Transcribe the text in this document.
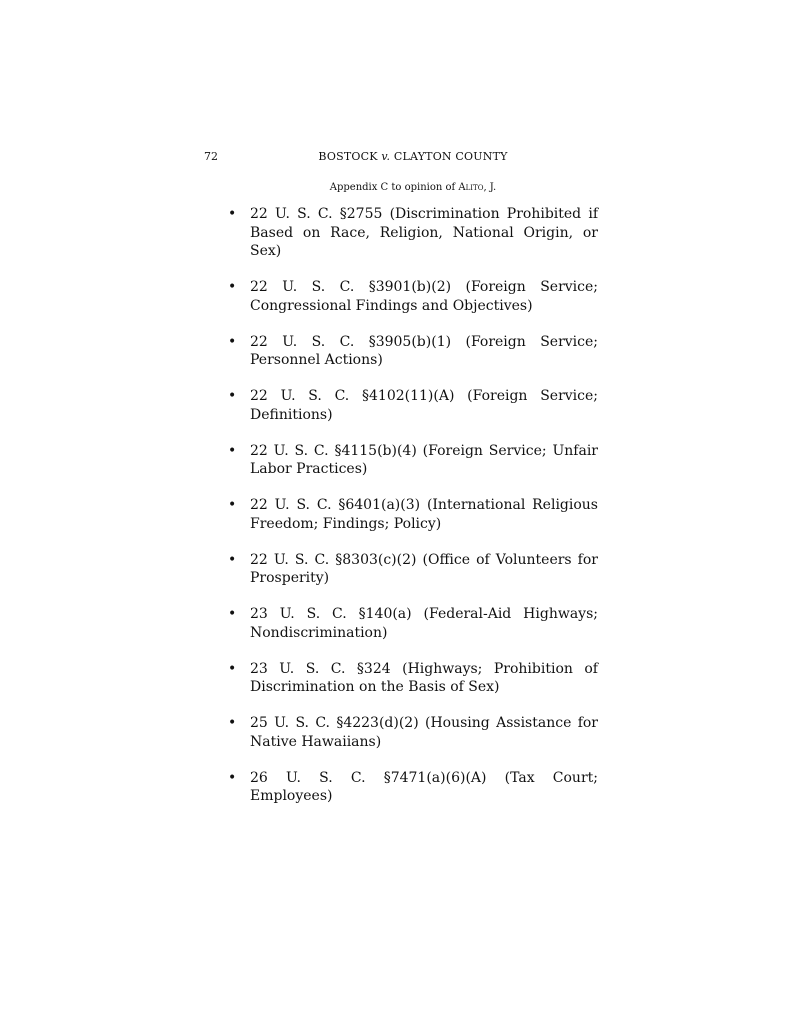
72	BOSTOCK v. CLAYTON COUNTY
Appendix C to opinion of Alito, J.
• 22 U. S. C. §2755 (Discrimination Prohibited if Based on Race, Religion, National Origin, or Sex)
• 22 U. S. C. §3901(b)(2) (Foreign Service; Congressional Findings and Objectives)
• 22 U. S. C. §3905(b)(1) (Foreign Service; Personnel Actions)
• 22 U. S. C. §4102(11)(A) (Foreign Service; Definitions)
• 22 U. S. C. §4115(b)(4) (Foreign Service; Unfair Labor Practices)
• 22 U. S. C. §6401(a)(3) (International Religious Freedom; Findings; Policy)
• 22 U. S. C. §8303(c)(2) (Office of Volunteers for Prosperity)
• 23 U. S. C. §140(a) (Federal-Aid Highways; Nondiscrimination)
• 23 U. S. C. §324 (Highways; Prohibition of Discrimination on the Basis of Sex)
• 25 U. S. C. §4223(d)(2) (Housing Assistance for Native Hawaiians)
• 26 U. S. C. §7471(a)(6)(A) (Tax Court; Employees)
